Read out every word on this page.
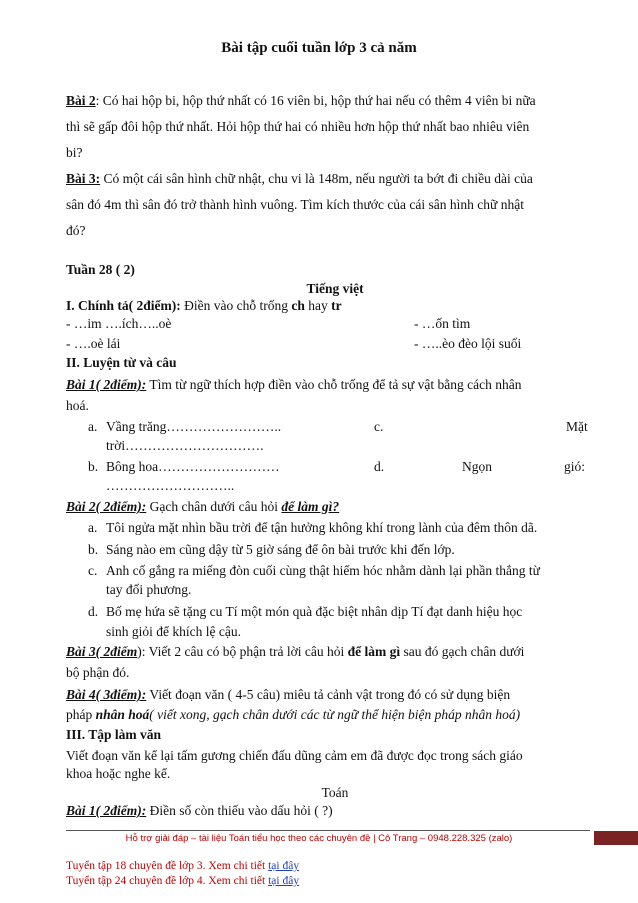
Bài tập cuối tuần lớp 3 cả năm
Bài 2: Có hai hộp bi, hộp thứ nhất có 16 viên bi, hộp thứ hai nếu có thêm 4 viên bi nữa
thì sẽ gấp đôi hộp thứ nhất. Hỏi hộp thứ hai có nhiều hơn hộp thứ nhất bao nhiêu viên
bi?
Bài 3: Có một cái sân hình chữ nhật, chu vi là 148m, nếu người ta bớt đi chiều dài của
sân đó 4m thì sân đó trở thành hình vuông. Tìm kích thước của cái sân hình chữ nhật
đó?
Tuần 28 ( 2)
Tiếng việt
I. Chính tả( 2điểm): Điền vào chỗ trống ch hay tr
- …im ….ích…..oè	- …ốn tìm
- ….oè lái	- …..èo đèo lội suối
II. Luyện từ và câu
Bài 1( 2điểm): Tìm từ ngữ thích hợp điền vào chỗ trống để tả sự vật bằng cách nhân
hoá.
a. Vầng trăng……………………..	c.	Mặt
trời………………………….
b. Bông hoa………………………	d.	Ngọn	gió:
………………………..
Bài 2( 2điểm): Gạch chân dưới câu hỏi để làm gì?
a. Tôi ngửa mặt nhìn bầu trời để tận hưởng không khí trong lành của đêm thôn dã.
b. Sáng nào em cũng dậy từ 5 giờ sáng để ôn bài trước khi đến lớp.
c. Anh cố gắng ra miếng đòn cuối cùng thật hiểm hóc nhằm dành lại phần thắng từ
tay đối phương.
d. Bố mẹ hứa sẽ tặng cu Tí một món quà đặc biệt nhân dịp Tí đạt danh hiệu học
sinh giỏi để khích lệ cậu.
Bài 3( 2điểm): Viết 2 câu có bộ phận trả lời câu hỏi để làm gì sau đó gạch chân dưới
bộ phận đó.
Bài 4( 3điểm): Viết đoạn văn ( 4-5 câu) miêu tả cảnh vật trong đó có sử dụng biện
pháp nhân hoá( viết xong, gạch chân dưới các từ ngữ thể hiện biện pháp nhân hoá)
III. Tập làm văn
Viết đoạn văn kể lại tấm gương chiến đấu dũng cảm em đã được đọc trong sách giáo
khoa hoặc nghe kể.
Toán
Bài 1( 2điểm): Điền số còn thiếu vào dấu hỏi ( ?)
Hỗ trợ giải đáp – tài liệu Toán tiểu học theo các chuyên đề | Cô Trang – 0948.228.325 (zalo)
Tuyển tập 18 chuyên đề lớp 3. Xem chi tiết tại đây
Tuyển tập 24 chuyên đề lớp 4. Xem chi tiết tại đây
